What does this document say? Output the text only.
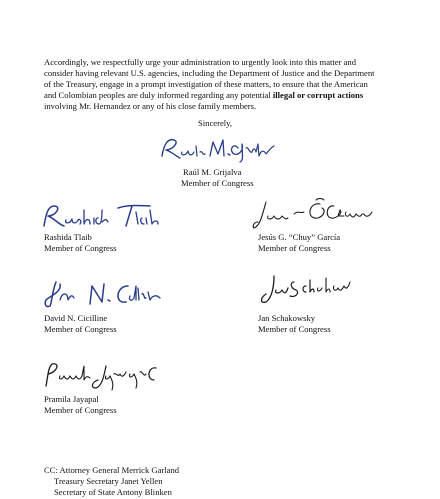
Accordingly, we respectfully urge your administration to urgently look into this matter and
consider having relevant U.S. agencies, including the Department of Justice and the Department
of the Treasury, engage in a prompt investigation of these matters, to ensure that the American
and Colombian peoples are duly informed regarding any potential illegal or corrupt actions
involving Mr. Hernandez or any of his close family members.
Sincerely,
Raúl M. Grijalva
Member of Congress
Rashida Tlaib
Member of Congress
Jesús G. “Chuy” García
Member of Congress
David N. Cicilline
Member of Congress
Jan Schakowsky
Member of Congress
Pramila Jayapal
Member of Congress
CC: Attorney General Merrick Garland
Treasury Secretary Janet Yellen
Secretary of State Antony Blinken
